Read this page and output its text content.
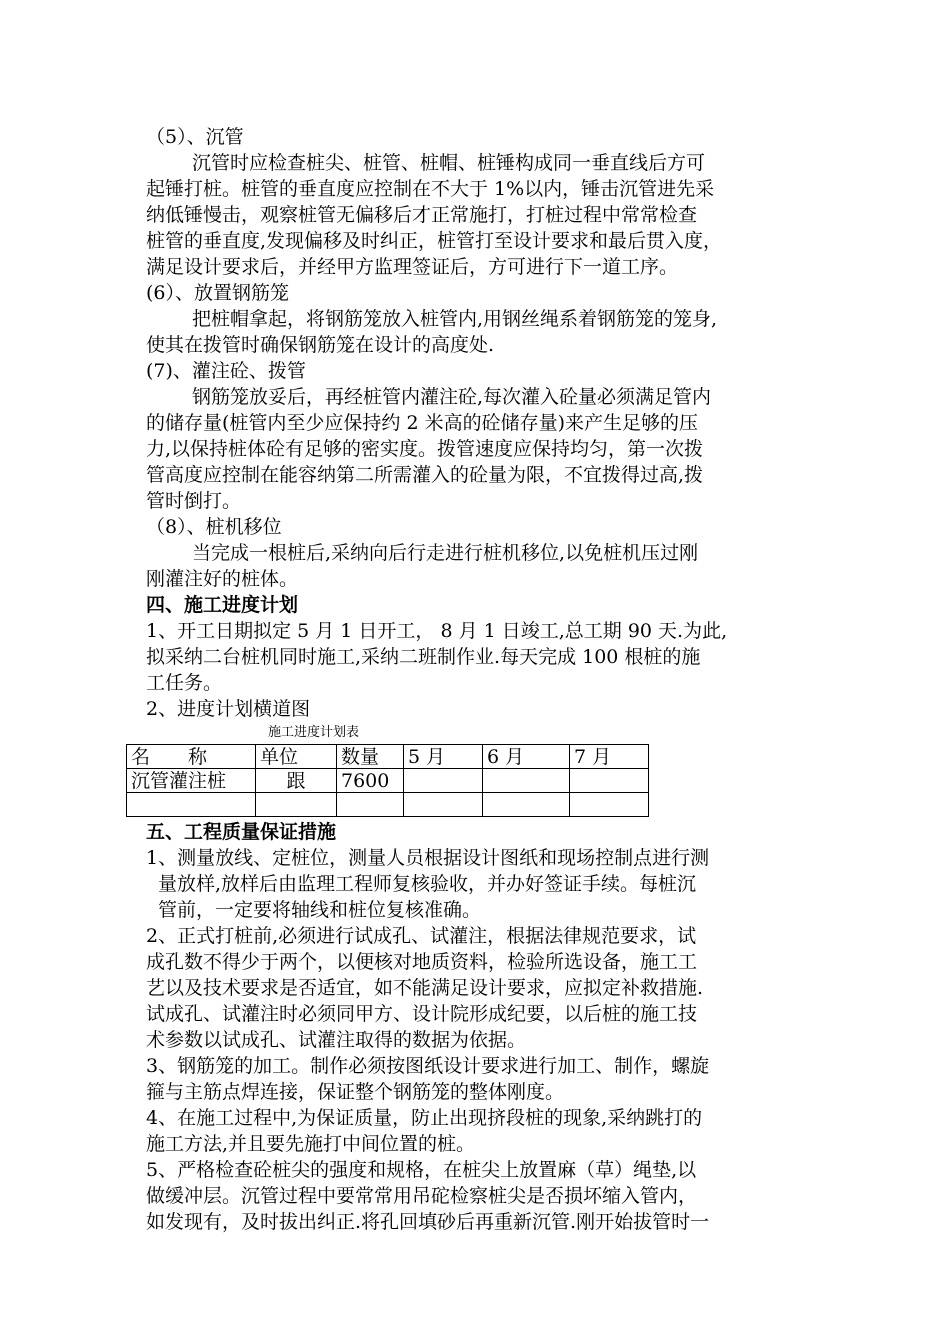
（5）、沉管
沉管时应检查桩尖、桩管、桩帽、桩锤构成同一垂直线后方可
起锤打桩。桩管的垂直度应控制在不大于 1%以内，锤击沉管进先采
纳低锤慢击，观察桩管无偏移后才正常施打，打桩过程中常常检查
桩管的垂直度,发现偏移及时纠正，桩管打至设计要求和最后贯入度，
满足设计要求后，并经甲方监理签证后，方可进行下一道工序。
(6）、放置钢筋笼
把桩帽拿起，将钢筋笼放入桩管内,用钢丝绳系着钢筋笼的笼身,
使其在拨管时确保钢筋笼在设计的高度处.
(7)、灌注砼、拨管
钢筋笼放妥后，再经桩管内灌注砼,每次灌入砼量必须满足管内
的储存量(桩管内至少应保持约 2 米高的砼储存量)来产生足够的压
力,以保持桩体砼有足够的密实度。拨管速度应保持均匀，第一次拨
管高度应控制在能容纳第二所需灌入的砼量为限，不宜拨得过高,拨
管时倒打。
（8）、桩机移位
当完成一根桩后,采纳向后行走进行桩机移位,以免桩机压过刚
刚灌注好的桩体。
四、施工进度计划
1、开工日期拟定 5 月 1 日开工， 8 月 1 日竣工,总工期 90 天.为此,
拟采纳二台桩机同时施工,采纳二班制作业.每天完成 100 根桩的施
工任务。
2、进度计划横道图
施工进度计划表
名　　称	单位	数量	5 月	6 月	7 月
沉管灌注桩	跟	7600			

五、工程质量保证措施
1、测量放线、定桩位，测量人员根据设计图纸和现场控制点进行测
量放样,放样后由监理工程师复核验收，并办好签证手续。每桩沉
管前，一定要将轴线和桩位复核准确。
2、正式打桩前,必须进行试成孔、试灌注，根据法律规范要求，试
成孔数不得少于两个，以便核对地质资料，检验所选设备，施工工
艺以及技术要求是否适宜，如不能满足设计要求，应拟定补救措施.
试成孔、试灌注时必须同甲方、设计院形成纪要，以后桩的施工技
术参数以试成孔、试灌注取得的数据为依据。
3、钢筋笼的加工。制作必须按图纸设计要求进行加工、制作，螺旋
箍与主筋点焊连接，保证整个钢筋笼的整体刚度。
4、在施工过程中,为保证质量，防止出现挤段桩的现象,采纳跳打的
施工方法,并且要先施打中间位置的桩。
5、严格检查砼桩尖的强度和规格，在桩尖上放置麻（草）绳垫,以
做缓冲层。沉管过程中要常常用吊砣检察桩尖是否损坏缩入管内，
如发现有，及时拔出纠正.将孔回填砂后再重新沉管.刚开始拔管时一
